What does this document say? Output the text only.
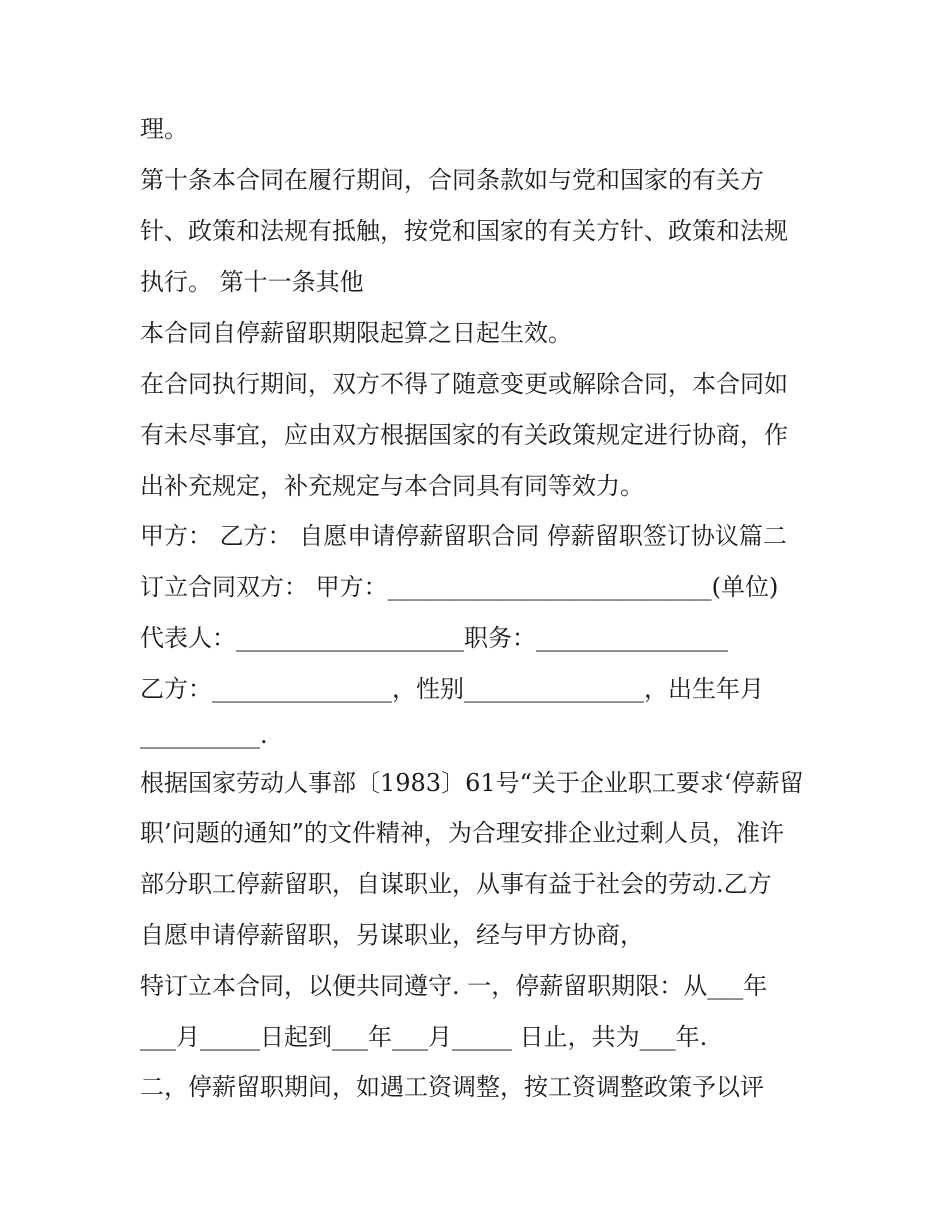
理。
第十条本合同在履行期间，合同条款如与党和国家的有关方
针、政策和法规有抵触，按党和国家的有关方针、政策和法规
执行。 第十一条其他
本合同自停薪留职期限起算之日起生效。
在合同执行期间，双方不得了随意变更或解除合同，本合同如
有未尽事宜，应由双方根据国家的有关政策规定进行协商，作
出补充规定，补充规定与本合同具有同等效力。
甲方： 乙方： 自愿申请停薪留职合同 停薪留职签订协议篇二
订立合同双方： 甲方：___________________________(单位)
代表人：___________________职务：________________
乙方：_______________，性别_______________，出生年月
__________.
根据国家劳动人事部〔1983〕61号“关于企业职工要求‘停薪留
职’问题的通知”的文件精神，为合理安排企业过剩人员，准许
部分职工停薪留职，自谋职业，从事有益于社会的劳动.乙方
自愿申请停薪留职，另谋职业，经与甲方协商，
特订立本合同，以便共同遵守. 一，停薪留职期限：从___年
___月_____日起到___年___月_____ 日止，共为___年.
二，停薪留职期间，如遇工资调整，按工资调整政策予以评
